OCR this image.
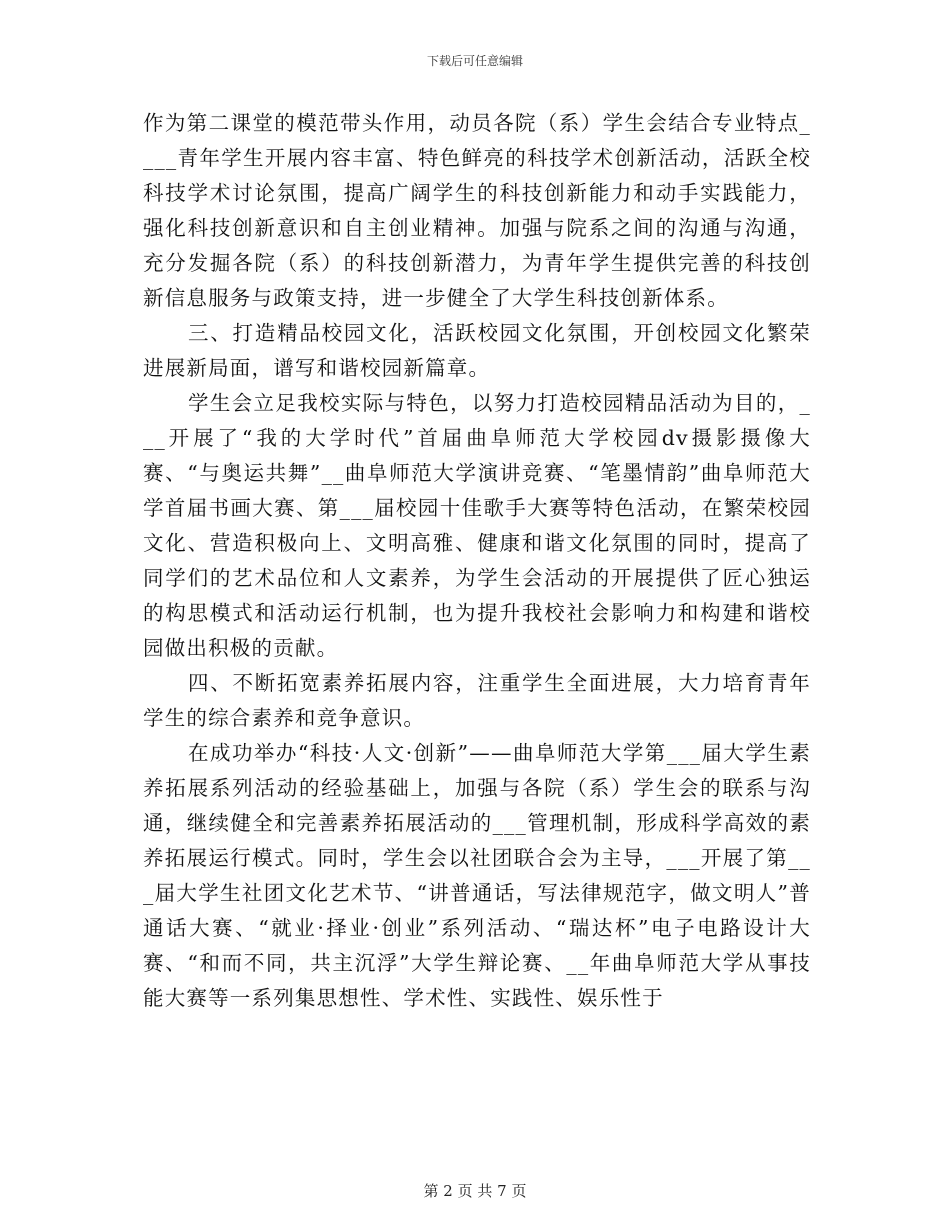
下载后可任意编辑

作为第二课堂的模范带头作用，动员各院（系）学生会结合专业特点____青年学生开展内容丰富、特色鲜亮的科技学术创新活动，活跃全校科技学术讨论氛围，提高广阔学生的科技创新能力和动手实践能力，强化科技创新意识和自主创业精神。加强与院系之间的沟通与沟通，充分发掘各院（系）的科技创新潜力，为青年学生提供完善的科技创新信息服务与政策支持，进一步健全了大学生科技创新体系。

三、打造精品校园文化，活跃校园文化氛围，开创校园文化繁荣进展新局面，谱写和谐校园新篇章。

学生会立足我校实际与特色，以努力打造校园精品活动为目的，___开展了“我的大学时代”首届曲阜师范大学校园dv摄影摄像大赛、“与奥运共舞”__曲阜师范大学演讲竞赛、“笔墨情韵”曲阜师范大学首届书画大赛、第___届校园十佳歌手大赛等特色活动，在繁荣校园文化、营造积极向上、文明高雅、健康和谐文化氛围的同时，提高了同学们的艺术品位和人文素养，为学生会活动的开展提供了匠心独运的构思模式和活动运行机制，也为提升我校社会影响力和构建和谐校园做出积极的贡献。

四、不断拓宽素养拓展内容，注重学生全面进展，大力培育青年学生的综合素养和竞争意识。

在成功举办“科技·人文·创新”——曲阜师范大学第___届大学生素养拓展系列活动的经验基础上，加强与各院（系）学生会的联系与沟通，继续健全和完善素养拓展活动的___管理机制，形成科学高效的素养拓展运行模式。同时，学生会以社团联合会为主导，___开展了第___届大学生社团文化艺术节、“讲普通话，写法律规范字，做文明人”普通话大赛、“就业·择业·创业”系列活动、“瑞达杯”电子电路设计大赛、“和而不同，共主沉浮”大学生辩论赛、__年曲阜师范大学从事技能大赛等一系列集思想性、学术性、实践性、娱乐性于

第 2 页 共 7 页
